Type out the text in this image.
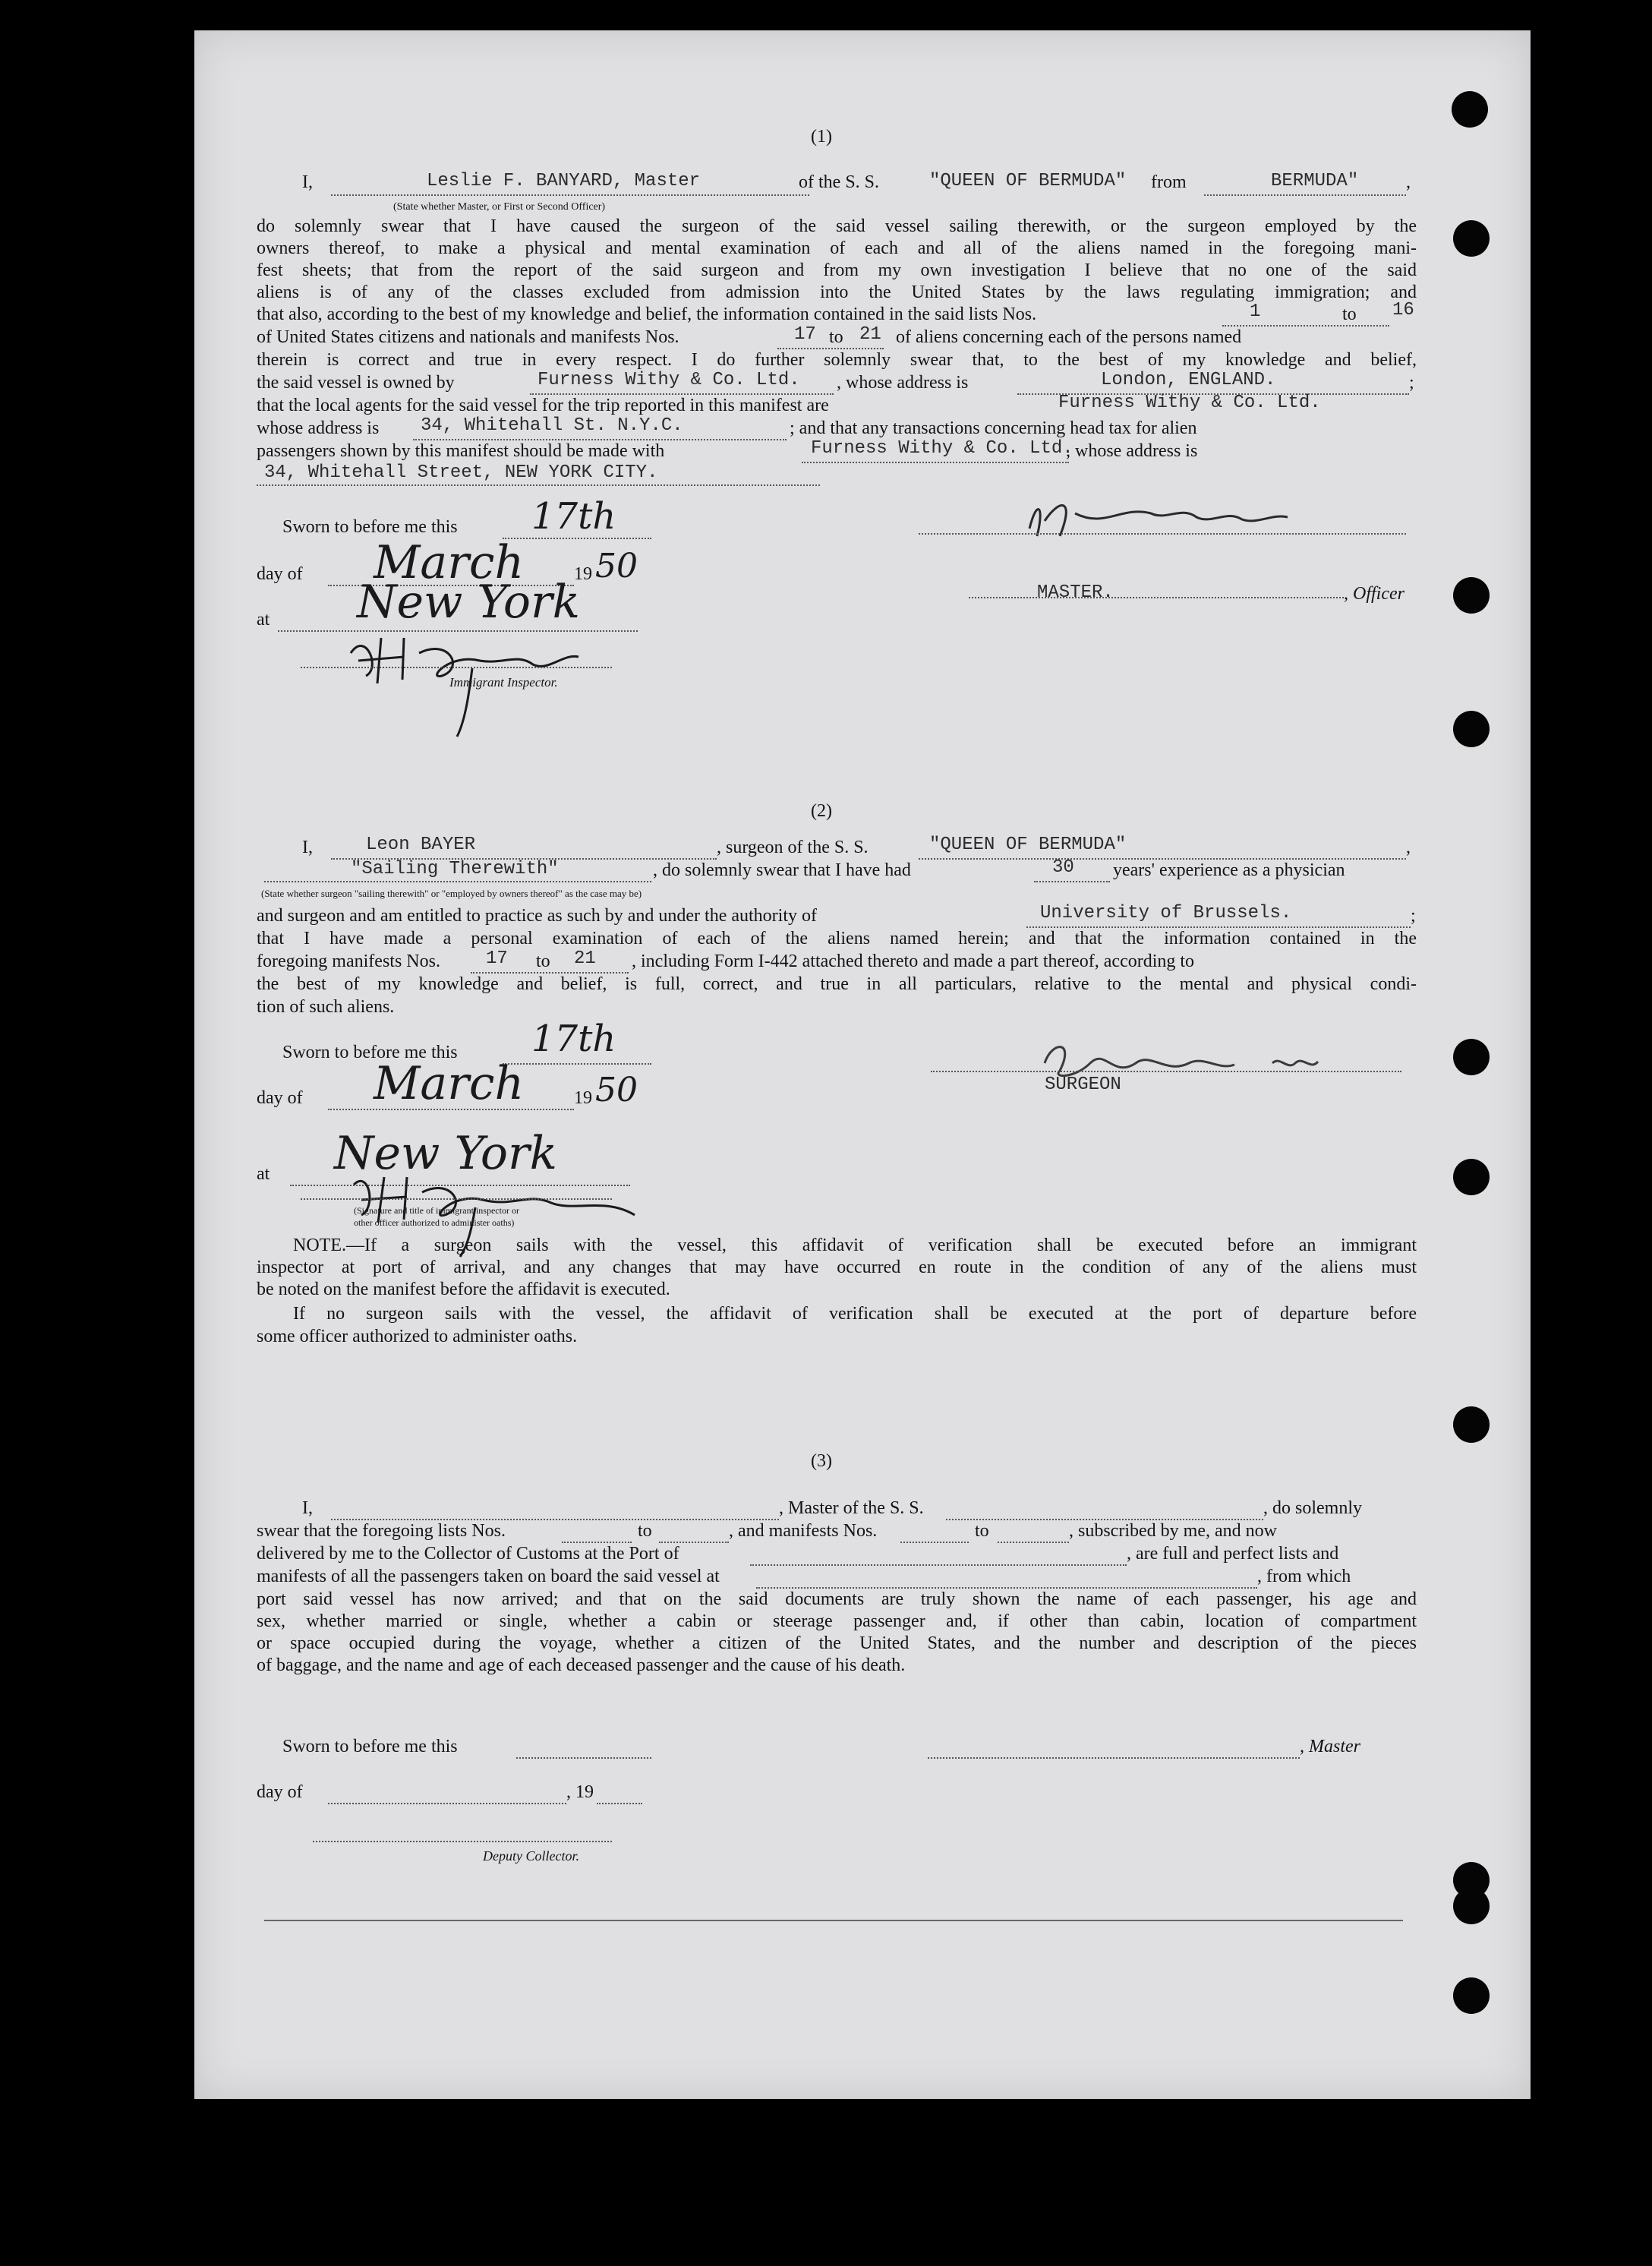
(1)
I,	Leslie F. BANYARD, Master	of the S. S.	"QUEEN OF BERMUDA" from	BERMUDA"	,
(State whether Master, or First or Second Officer)
do solemnly swear that I have caused the surgeon of the said vessel sailing therewith, or the surgeon employed by the
owners thereof, to make a physical and mental examination of each and all of the aliens named in the foregoing mani-
fest sheets; that from the report of the said surgeon and from my own investigation I believe that no one of the said
aliens is of any of the classes excluded from admission into the United States by the laws regulating immigration; and
that also, according to the best of my knowledge and belief, the information contained in the said lists Nos.	1	to 16
of United States citizens and nationals and manifests Nos.	17 to 21 of aliens concerning each of the persons named
therein is correct and true in every respect. I do further solemnly swear that, to the best of my knowledge and belief,
the said vessel is owned by	Furness Withy & Co. Ltd. , whose address is	London, ENGLAND.	;
that the local agents for the said vessel for the trip reported in this manifest are	Furness Withy & Co. Ltd.
whose address is 34, Whitehall St. N.Y.C.	; and that any transactions concerning head tax for alien
passengers shown by this manifest should be made with	Furness Withy & Co. Ltd.
, whose address is
34, Whitehall Street, NEW YORK CITY.
Sworn to before me this 17th
day of March	19 50
at New York
Immigrant Inspector.
MASTER.	, Officer
(2)
I,	Leon BAYER	, surgeon of the S. S.	"QUEEN OF BERMUDA"	,
"Sailing Therewith"	, do solemnly swear that I have had	30 years' experience as a physician
(State whether surgeon "sailing therewith" or "employed by owners thereof" as the case may be)
and surgeon and am entitled to practice as such by and under the authority of	University of Brussels.	;
that I have made a personal examination of each of the aliens named herein; and that the information contained in the
foregoing manifests Nos.	17 to 21 , including Form I-442 attached thereto and made a part thereof, according to
the best of my knowledge and belief, is full, correct, and true in all particulars, relative to the mental and physical condi-
tion of such aliens.
Sworn to before me this 17th
day of March	19 50
at New York
(Signature and title of immigrant inspector or
other officer authorized to administer oaths)
SURGEON
NOTE.—If a surgeon sails with the vessel, this affidavit of verification shall be executed before an immigrant
inspector at port of arrival, and any changes that may have occurred en route in the condition of any of the aliens must
be noted on the manifest before the affidavit is executed.
If no surgeon sails with the vessel, the affidavit of verification shall be executed at the port of departure before
some officer authorized to administer oaths.
(3)
I,	, Master of the S. S.	, do solemnly
swear that the foregoing lists Nos.	to	, and manifests Nos.	to	, subscribed by me, and now
delivered by me to the Collector of Customs at the Port of	, are full and perfect lists and
manifests of all the passengers taken on board the said vessel at	, from which
port said vessel has now arrived; and that on the said documents are truly shown the name of each passenger, his age and
sex, whether married or single, whether a cabin or steerage passenger and, if other than cabin, location of compartment
or space occupied during the voyage, whether a citizen of the United States, and the number and description of the pieces
of baggage, and the name and age of each deceased passenger and the cause of his death.
Sworn to before me this	, Master
day of	, 19
Deputy Collector.
